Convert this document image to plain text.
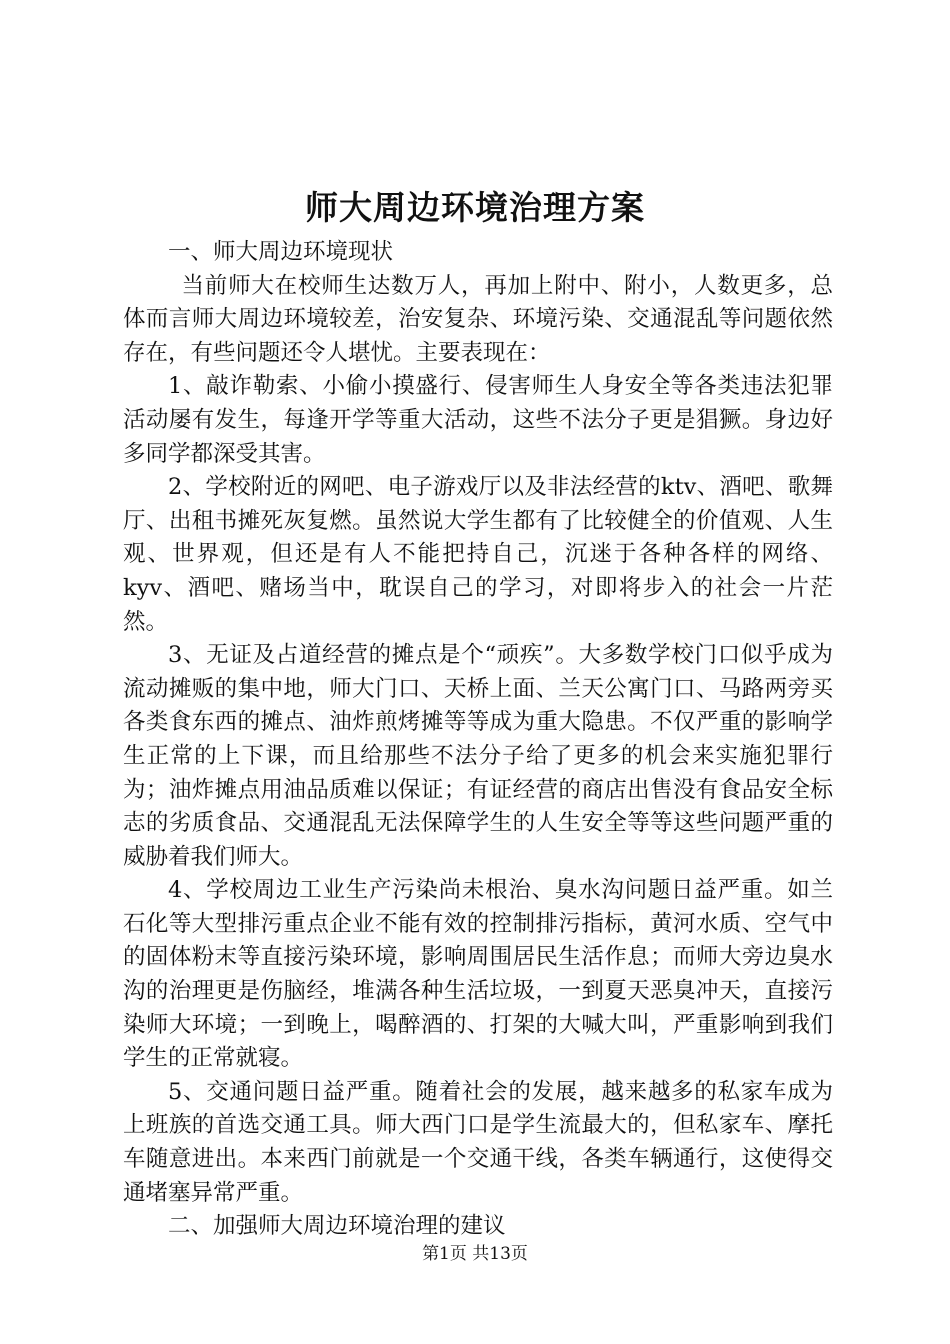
师大周边环境治理方案

一、师大周边环境现状

当前师大在校师生达数万人，再加上附中、附小，人数更多，总体而言师大周边环境较差，治安复杂、环境污染、交通混乱等问题依然存在，有些问题还令人堪忧。主要表现在：

1、敲诈勒索、小偷小摸盛行、侵害师生人身安全等各类违法犯罪活动屡有发生，每逢开学等重大活动，这些不法分子更是猖獗。身边好多同学都深受其害。

2、学校附近的网吧、电子游戏厅以及非法经营的ktv、酒吧、歌舞厅、出租书摊死灰复燃。虽然说大学生都有了比较健全的价值观、人生观、世界观，但还是有人不能把持自己，沉迷于各种各样的网络、kyv、酒吧、赌场当中，耽误自己的学习，对即将步入的社会一片茫然。

3、无证及占道经营的摊点是个“顽疾”。大多数学校门口似乎成为流动摊贩的集中地，师大门口、天桥上面、兰天公寓门口、马路两旁买各类食东西的摊点、油炸煎烤摊等等成为重大隐患。不仅严重的影响学生正常的上下课，而且给那些不法分子给了更多的机会来实施犯罪行为；油炸摊点用油品质难以保证；有证经营的商店出售没有食品安全标志的劣质食品、交通混乱无法保障学生的人生安全等等这些问题严重的威胁着我们师大。

4、学校周边工业生产污染尚未根治、臭水沟问题日益严重。如兰石化等大型排污重点企业不能有效的控制排污指标，黄河水质、空气中的固体粉末等直接污染环境，影响周围居民生活作息；而师大旁边臭水沟的治理更是伤脑经，堆满各种生活垃圾，一到夏天恶臭冲天，直接污染师大环境；一到晚上，喝醉酒的、打架的大喊大叫，严重影响到我们学生的正常就寝。

5、交通问题日益严重。随着社会的发展，越来越多的私家车成为上班族的首选交通工具。师大西门口是学生流最大的，但私家车、摩托车随意进出。本来西门前就是一个交通干线，各类车辆通行，这使得交通堵塞异常严重。

二、加强师大周边环境治理的建议

第1页 共13页
